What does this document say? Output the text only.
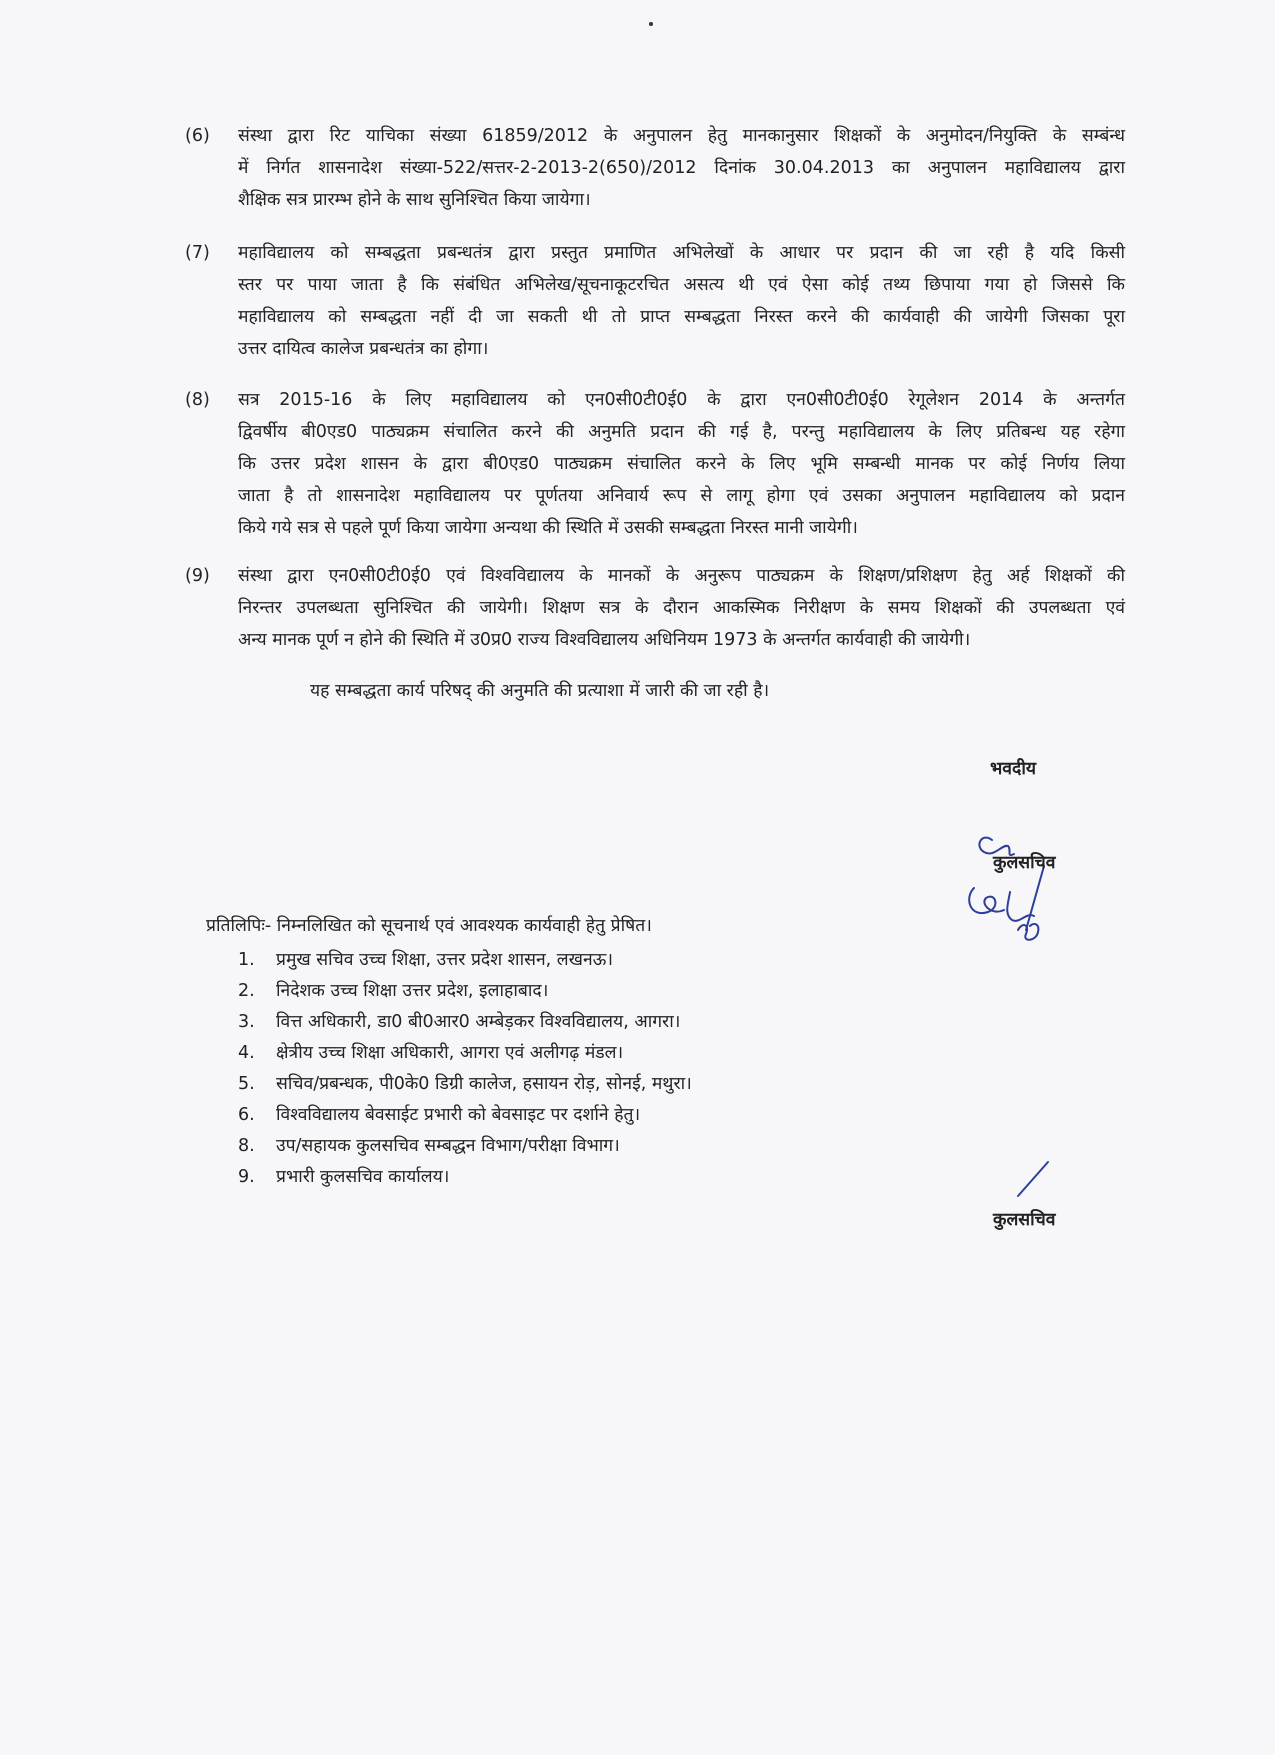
(6) संस्था द्वारा रिट याचिका संख्या 61859/2012 के अनुपालन हेतु मानकानुसार शिक्षकों के अनुमोदन/नियुक्ति के सम्बंन्ध
में निर्गत शासनादेश संख्या-522/सत्तर-2-2013-2(650)/2012 दिनांक 30.04.2013 का अनुपालन महाविद्यालय द्वारा
शैक्षिक सत्र प्रारम्भ होने के साथ सुनिश्चित किया जायेगा।
(7) महाविद्यालय को सम्बद्धता प्रबन्धतंत्र द्वारा प्रस्तुत प्रमाणित अभिलेखों के आधार पर प्रदान की जा रही है यदि किसी
स्तर पर पाया जाता है कि संबंधित अभिलेख/सूचनाकूटरचित असत्य थी एवं ऐसा कोई तथ्य छिपाया गया हो जिससे कि
महाविद्यालय को सम्बद्धता नहीं दी जा सकती थी तो प्राप्त सम्बद्धता निरस्त करने की कार्यवाही की जायेगी जिसका पूरा
उत्तर दायित्व कालेज प्रबन्धतंत्र का होगा।
(8) सत्र 2015-16 के लिए महाविद्यालय को एन0सी0टी0ई0 के द्वारा एन0सी0टी0ई0 रेगूलेशन 2014 के अन्तर्गत
द्विवर्षीय बी0एड0 पाठ्यक्रम संचालित करने की अनुमति प्रदान की गई है, परन्तु महाविद्यालय के लिए प्रतिबन्ध यह रहेगा
कि उत्तर प्रदेश शासन के द्वारा बी0एड0 पाठ्यक्रम संचालित करने के लिए भूमि सम्बन्धी मानक पर कोई निर्णय लिया
जाता है तो शासनादेश महाविद्यालय पर पूर्णतया अनिवार्य रूप से लागू होगा एवं उसका अनुपालन महाविद्यालय को प्रदान
किये गये सत्र से पहले पूर्ण किया जायेगा अन्यथा की स्थिति में उसकी सम्बद्धता निरस्त मानी जायेगी।
(9) संस्था द्वारा एन0सी0टी0ई0 एवं विश्वविद्यालय के मानकों के अनुरूप पाठ्यक्रम के शिक्षण/प्रशिक्षण हेतु अर्ह शिक्षकों की
निरन्तर उपलब्धता सुनिश्चित की जायेगी। शिक्षण सत्र के दौरान आकस्मिक निरीक्षण के समय शिक्षकों की उपलब्धता एवं
अन्य मानक पूर्ण न होने की स्थिति में उ0प्र0 राज्य विश्वविद्यालय अधिनियम 1973 के अन्तर्गत कार्यवाही की जायेगी।
यह सम्बद्धता कार्य परिषद् की अनुमति की प्रत्याशा में जारी की जा रही है।
भवदीय
कुलसचिव
प्रतिलिपिः- निम्नलिखित को सूचनार्थ एवं आवश्यक कार्यवाही हेतु प्रेषित।
1. प्रमुख सचिव उच्च शिक्षा, उत्तर प्रदेश शासन, लखनऊ।
2. निदेशक उच्च शिक्षा उत्तर प्रदेश, इलाहाबाद।
3. वित्त अधिकारी, डा0 बी0आर0 अम्बेड़कर विश्वविद्यालय, आगरा।
4. क्षेत्रीय उच्च शिक्षा अधिकारी, आगरा एवं अलीगढ़ मंडल।
5. सचिव/प्रबन्धक, पी0के0 डिग्री कालेज, हसायन रोड़, सोनई, मथुरा।
6. विश्वविद्यालय बेवसाईट प्रभारी को बेवसाइट पर दर्शाने हेतु।
8. उप/सहायक कुलसचिव सम्बद्धन विभाग/परीक्षा विभाग।
9. प्रभारी कुलसचिव कार्यालय।
कुलसचिव
